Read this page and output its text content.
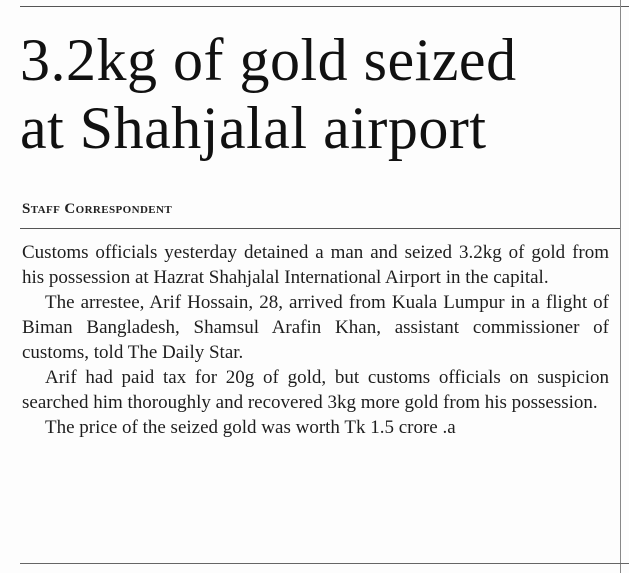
3.2kg of gold seized
at Shahjalal airport
Staff Correspondent

Customs officials yesterday detained a man and seized 3.2kg of gold from his possession at Hazrat Shahjalal International Airport in the capital.

The arrestee, Arif Hossain, 28, arrived from Kuala Lumpur in a flight of Biman Bangladesh, Shamsul Arafin Khan, assistant commissioner of customs, told The Daily Star.

Arif had paid tax for 20g of gold, but customs officials on suspicion searched him thoroughly and recovered 3kg more gold from his possession.

The price of the seized gold was worth Tk 1.5 crore .a
